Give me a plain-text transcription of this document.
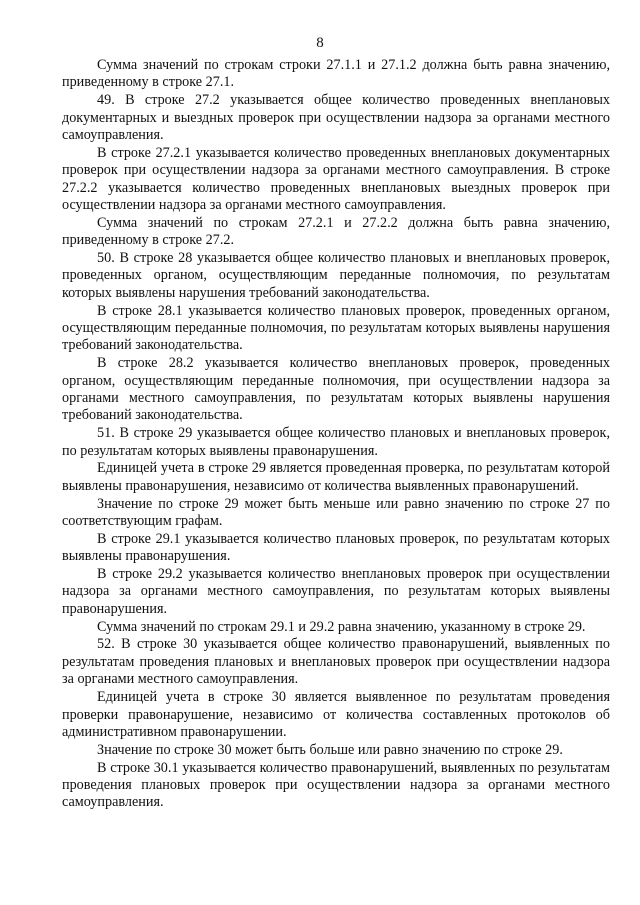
8

Сумма значений по строкам строки 27.1.1 и 27.1.2 должна быть равна значению, приведенному в строке 27.1.

49. В строке 27.2 указывается общее количество проведенных внеплановых документарных и выездных проверок при осуществлении надзора за органами местного самоуправления.

В строке 27.2.1 указывается количество проведенных внеплановых документарных проверок при осуществлении надзора за органами местного самоуправления. В строке 27.2.2 указывается количество проведенных внеплановых выездных проверок при осуществлении надзора за органами местного самоуправления.

Сумма значений по строкам 27.2.1 и 27.2.2 должна быть равна значению, приведенному в строке 27.2.

50. В строке 28 указывается общее количество плановых и внеплановых проверок, проведенных органом, осуществляющим переданные полномочия, по результатам которых выявлены нарушения требований законодательства.

В строке 28.1 указывается количество плановых проверок, проведенных органом, осуществляющим переданные полномочия, по результатам которых выявлены нарушения требований законодательства.

В строке 28.2 указывается количество внеплановых проверок, проведенных органом, осуществляющим переданные полномочия, при осуществлении надзора за органами местного самоуправления, по результатам которых выявлены нарушения требований законодательства.

51. В строке 29 указывается общее количество плановых и внеплановых проверок, по результатам которых выявлены правонарушения.

Единицей учета в строке 29 является проведенная проверка, по результатам которой выявлены правонарушения, независимо от количества выявленных правонарушений.

Значение по строке 29 может быть меньше или равно значению по строке 27 по соответствующим графам.

В строке 29.1 указывается количество плановых проверок, по результатам которых выявлены правонарушения.

В строке 29.2 указывается количество внеплановых проверок при осуществлении надзора за органами местного самоуправления, по результатам которых выявлены правонарушения.

Сумма значений по строкам 29.1 и 29.2 равна значению, указанному в строке 29.

52. В строке 30 указывается общее количество правонарушений, выявленных по результатам проведения плановых и внеплановых проверок при осуществлении надзора за органами местного самоуправления.

Единицей учета в строке 30 является выявленное по результатам проведения проверки правонарушение, независимо от количества составленных протоколов об административном правонарушении.

Значение по строке 30 может быть больше или равно значению по строке 29.

В строке 30.1 указывается количество правонарушений, выявленных по результатам проведения плановых проверок при осуществлении надзора за органами местного самоуправления.
